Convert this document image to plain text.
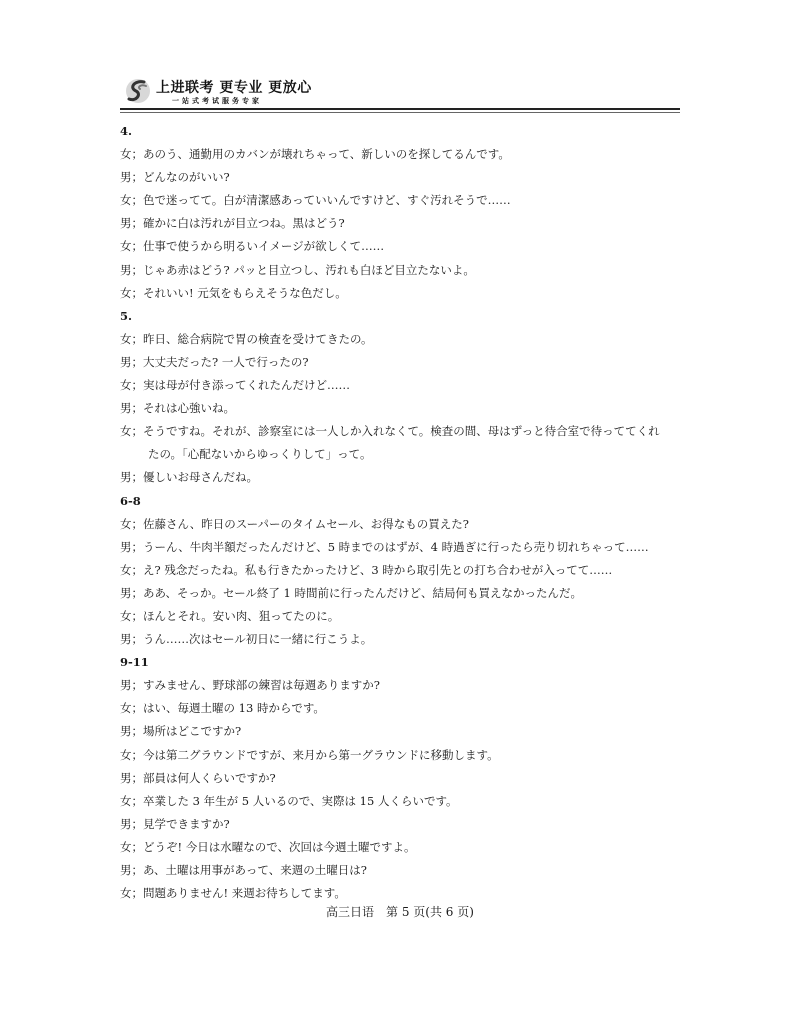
上进联考 更专业 更放心
一站式考试服务专家
4.
女；あのう、通勤用のカバンが壊れちゃって、新しいのを探してるんです。
男；どんなのがいい?
女；色で迷ってて。白が清潔感あっていいんですけど、すぐ汚れそうで……
男；確かに白は汚れが目立つね。黒はどう?
女；仕事で使うから明るいイメージが欲しくて……
男；じゃあ赤はどう? パッと目立つし、汚れも白ほど目立たないよ。
女；それいい! 元気をもらえそうな色だし。
5.
女；昨日、総合病院で胃の検査を受けてきたの。
男；大丈夫だった? 一人で行ったの?
女；実は母が付き添ってくれたんだけど……
男；それは心強いね。
女；そうですね。それが、診察室には一人しか入れなくて。検査の間、母はずっと待合室で待っててくれ
たの。「心配ないからゆっくりして」って。
男；優しいお母さんだね。
6-8
女；佐藤さん、昨日のスーパーのタイムセール、お得なもの買えた?
男；うーん、牛肉半額だったんだけど、5 時までのはずが、4 時過ぎに行ったら売り切れちゃって……
女；え? 残念だったね。私も行きたかったけど、3 時から取引先との打ち合わせが入ってて……
男；ああ、そっか。セール終了 1 時間前に行ったんだけど、結局何も買えなかったんだ。
女；ほんとそれ。安い肉、狙ってたのに。
男；うん……次はセール初日に一緒に行こうよ。
9-11
男；すみません、野球部の練習は毎週ありますか?
女；はい、毎週土曜の 13 時からです。
男；場所はどこですか?
女；今は第二グラウンドですが、来月から第一グラウンドに移動します。
男；部員は何人くらいですか?
女；卒業した 3 年生が 5 人いるので、実際は 15 人くらいです。
男；見学できますか?
女；どうぞ! 今日は水曜なので、次回は今週土曜ですよ。
男；あ、土曜は用事があって、来週の土曜日は?
女；問題ありません! 来週お待ちしてます。
高三日语　第 5 页(共 6 页)
